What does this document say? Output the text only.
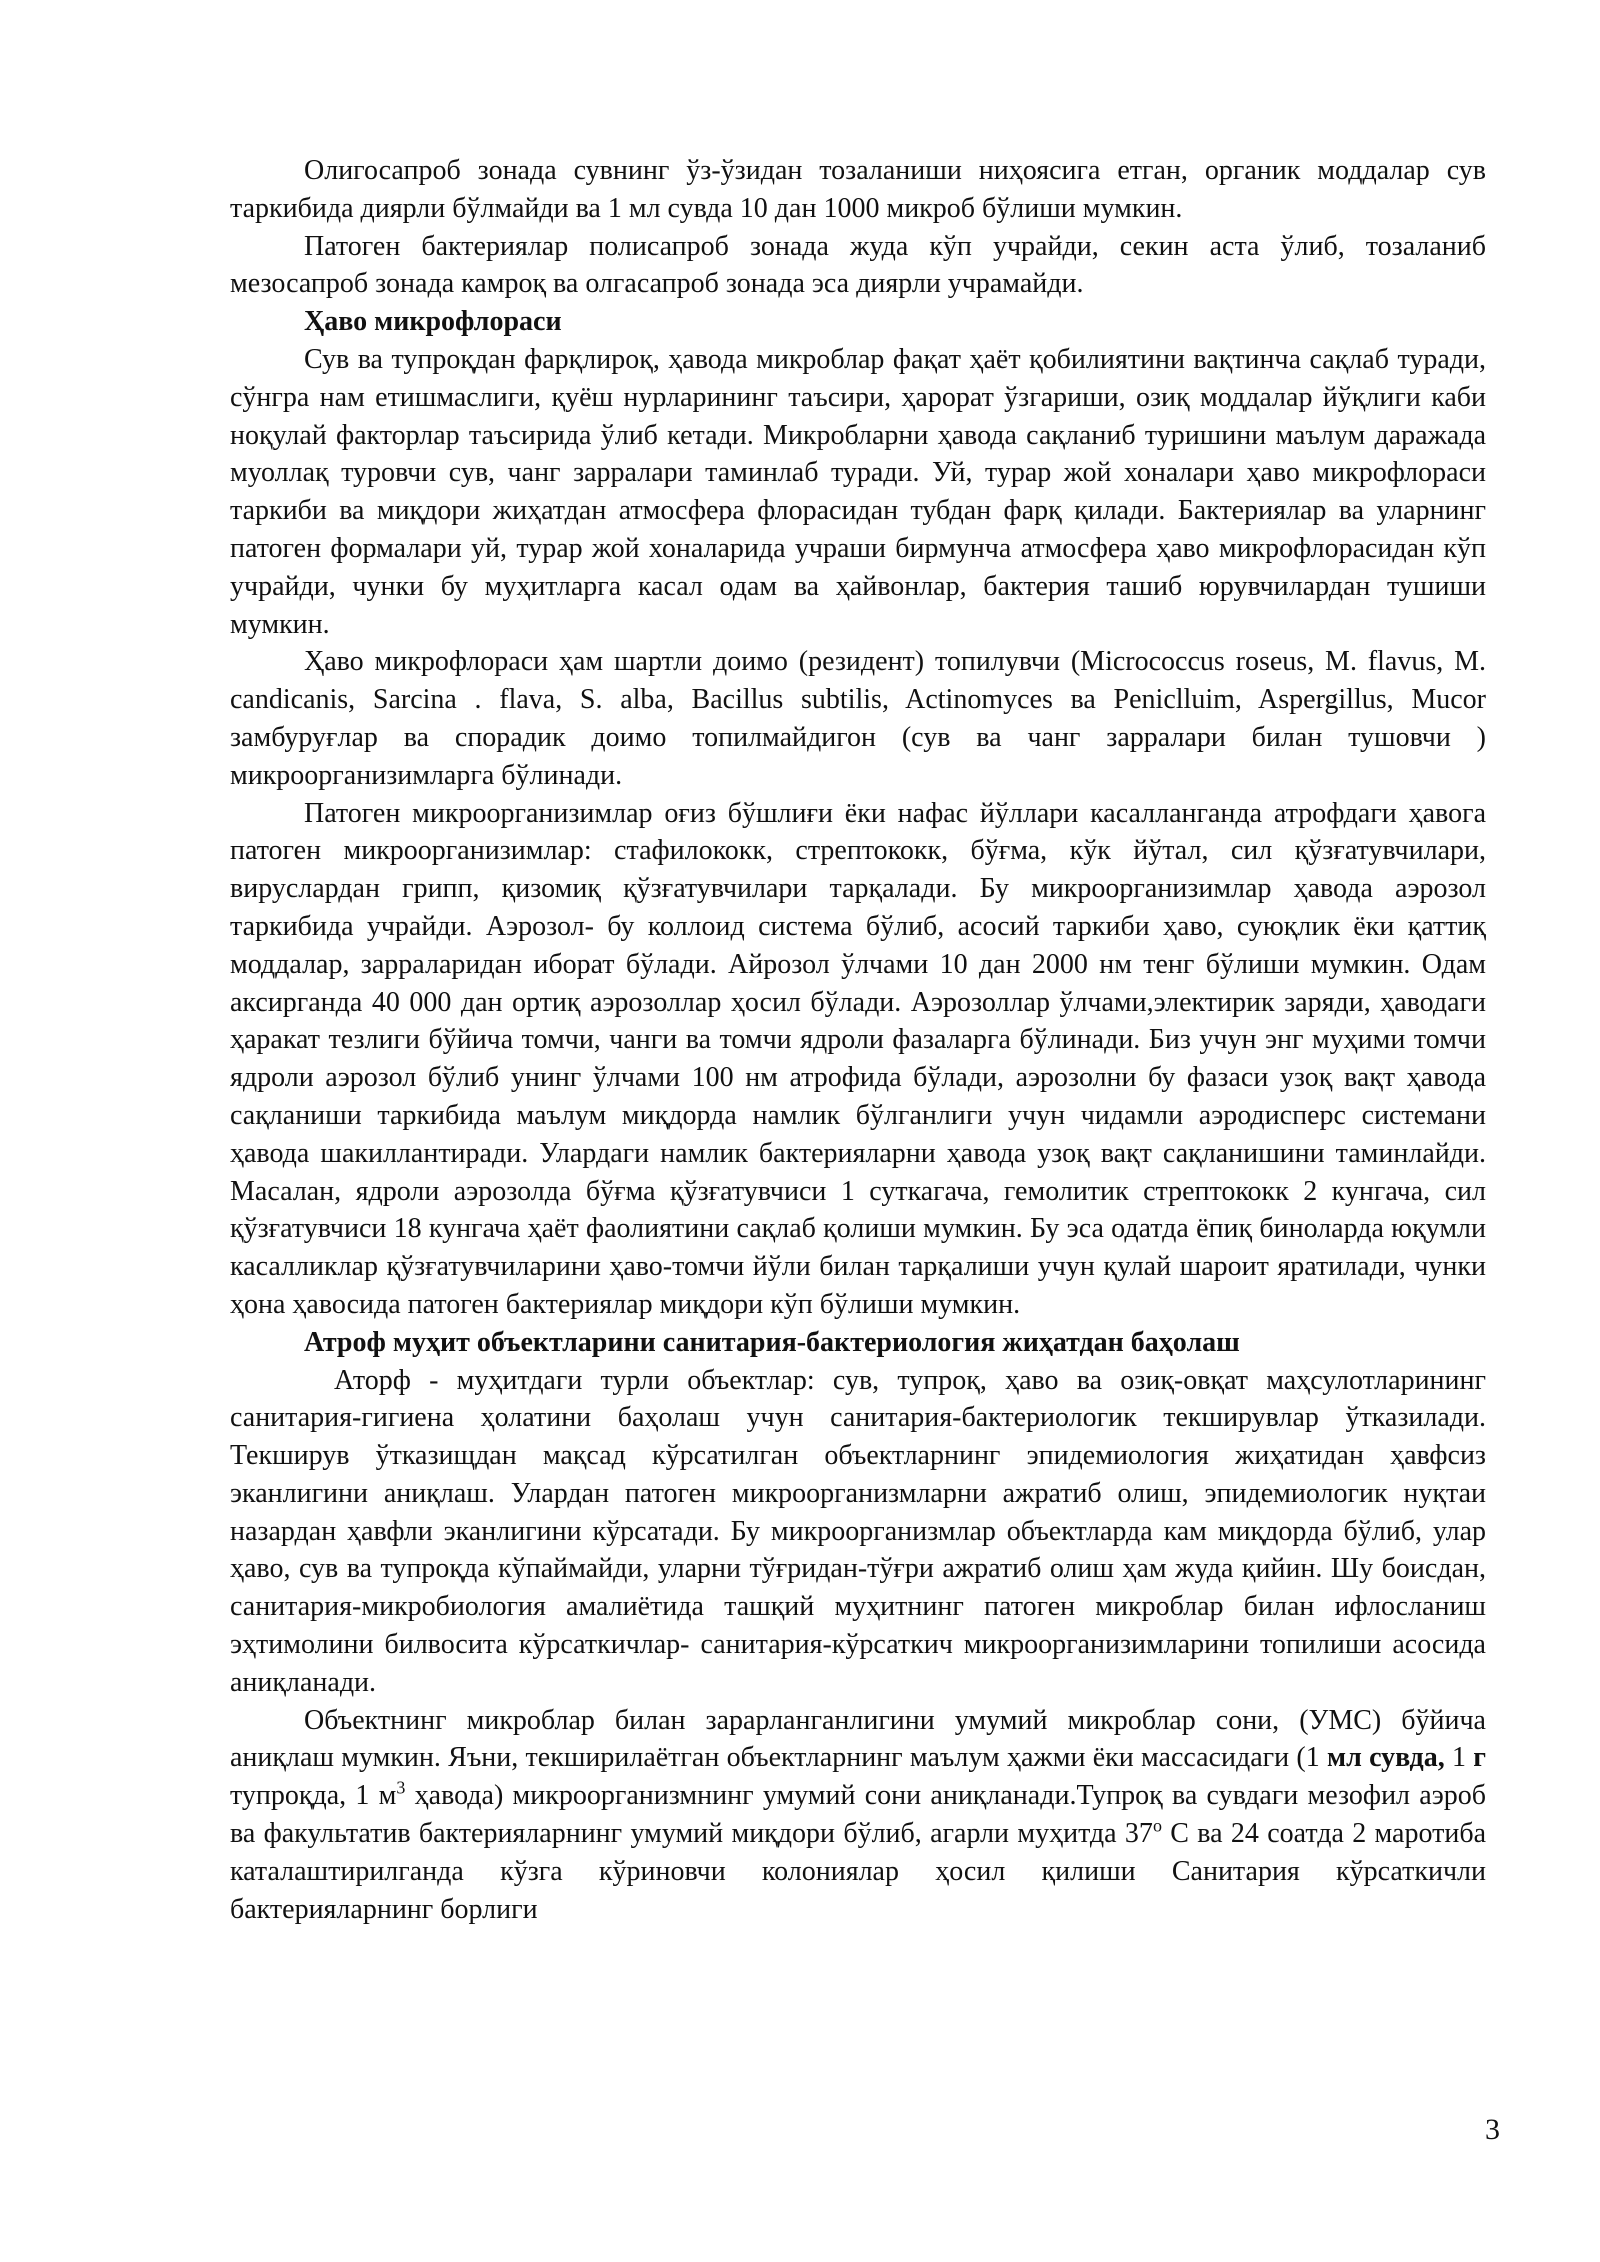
Олигосапроб зонада сувнинг ўз-ўзидан тозаланиши ниҳоясига етган, органик моддалар сув таркибида диярли бўлмайди ва 1 мл сувда 10 дан 1000 микроб бўлиши мумкин.

Патоген бактериялар полисапроб зонада жуда кўп учрайди, секин аста ўлиб, тозаланиб мезосапроб зонада камроқ ва олгасапроб зонада эса диярли учрамайди.

Ҳаво микрофлораси

Сув ва тупроқдан фарқлироқ, ҳавода микроблар фақат ҳаёт қобилиятини вақтинча сақлаб туради, сўнгра нам етишмаслиги, қуёш нурларининг таъсири, ҳарорат ўзгариши, озиқ моддалар йўқлиги каби ноқулай факторлар таъсирида ўлиб кетади. Микробларни ҳавода сақланиб туришини маълум даражада муоллақ туровчи сув, чанг зарралари таминлаб туради. Уй, турар жой хоналари ҳаво микрофлораси таркиби ва миқдори жиҳатдан атмосфера флорасидан тубдан фарқ қилади. Бактериялар ва уларнинг патоген формалари уй, турар жой хоналарида учраши бирмунча атмосфера ҳаво микрофлорасидан кўп учрайди, чунки бу муҳитларга касал одам ва ҳайвонлар, бактерия ташиб юрувчилардан тушиши мумкин.

Ҳаво микрофлораси ҳам шартли доимо (резидент) топилувчи (Micrococcus roseus, M. flavus, M. candicanis, Sarcina . flava, S. alba, Bacillus subtilis, Actinomyces ва Peniclluim, Aspergillus, Mucor замбуруғлар ва спорадик доимо топилмайдигон (сув ва чанг зарралари билан тушовчи ) микроорганизимларга бўлинади.

Патоген микроорганизимлар оғиз бўшлиғи ёки нафас йўллари касалланганда атрофдаги ҳавога патоген микроорганизимлар: стафилококк, стрептококк, бўғма, кўк йўтал, сил қўзғатувчилари, вируслардан грипп, қизомиқ қўзғатувчилари тарқалади. Бу микроорганизимлар ҳавода аэрозол таркибида учрайди. Аэрозол- бу коллоид система бўлиб, асосий таркиби ҳаво, суюқлик ёки қаттиқ моддалар, зарраларидан иборат бўлади. Айрозол ўлчами 10 дан 2000 нм тенг бўлиши мумкин. Одам аксирганда 40 000 дан ортиқ аэрозоллар ҳосил бўлади. Аэрозоллар ўлчами,электирик заряди, ҳаводаги ҳаракат тезлиги бўйича томчи, чанги ва томчи ядроли фазаларга бўлинади. Биз учун энг муҳими томчи ядроли аэрозол бўлиб унинг ўлчами 100 нм атрофида бўлади, аэрозолни бу фазаси узоқ вақт ҳавода сақланиши таркибида маълум миқдорда намлик бўлганлиги учун чидамли аэродисперс системани ҳавода шакиллантиради. Улардаги намлик бактерияларни ҳавода узоқ вақт сақланишини таминлайди. Масалан, ядроли аэрозолда бўғма қўзғатувчиси 1 суткагача, гемолитик стрептококк 2 кунгача, сил қўзғатувчиси 18 кунгача ҳаёт фаолиятини сақлаб қолиши мумкин. Бу эса одатда ёпиқ биноларда юқумли касалликлар қўзғатувчиларини ҳаво-томчи йўли билан тарқалиши учун қулай шароит яратилади, чунки ҳона ҳавосида патоген бактериялар миқдори кўп бўлиши мумкин.

Атроф муҳит объектларини санитария-бактериология жиҳатдан баҳолаш

Аторф - муҳитдаги турли объектлар: сув, тупроқ, ҳаво ва озиқ-овқат маҳсулотларининг санитария-гигиена ҳолатини баҳолаш учун санитария-бактериологик текширувлар ўтказилади. Текширув ўтказищдан мақсад кўрсатилган объектларнинг эпидемиология жиҳатидан ҳавфсиз эканлигини аниқлаш. Улардан патоген микроорганизмларни ажратиб олиш, эпидемиологик нуқтаи назардан ҳавфли эканлигини кўрсатади. Бу микроорганизмлар объектларда кам миқдорда бўлиб, улар ҳаво, сув ва тупроқда кўпаймайди, уларни тўғридан-тўғри ажратиб олиш ҳам жуда қийин. Шу боисдан, санитария-микробиология амалиётида ташқий муҳитнинг патоген микроблар билан ифлосланиш эҳтимолини билвосита кўрсаткичлар- санитария-кўрсаткич микроорганизимларини топилиши асосида аниқланади.

Объектнинг микроблар билан зарарланганлигини умумий микроблар сони, (УМС) бўйича аниқлаш мумкин. Яъни, текширилаётган объектларнинг маълум ҳажми ёки массасидаги (1 мл сувда, 1 г тупроқда, 1 $м^3$ ҳавода) микроорганизмнинг умумий сони аниқланади.Тупроқ ва сувдаги мезофил аэроб ва факультатив бактерияларнинг умумий миқдори бўлиб, агарли муҳитда $37^о$ С ва 24 соатда 2 маротиба каталаштирилганда кўзга кўриновчи колониялар ҳосил қилиши Санитария кўрсаткичли бактерияларнинг борлиги

3
